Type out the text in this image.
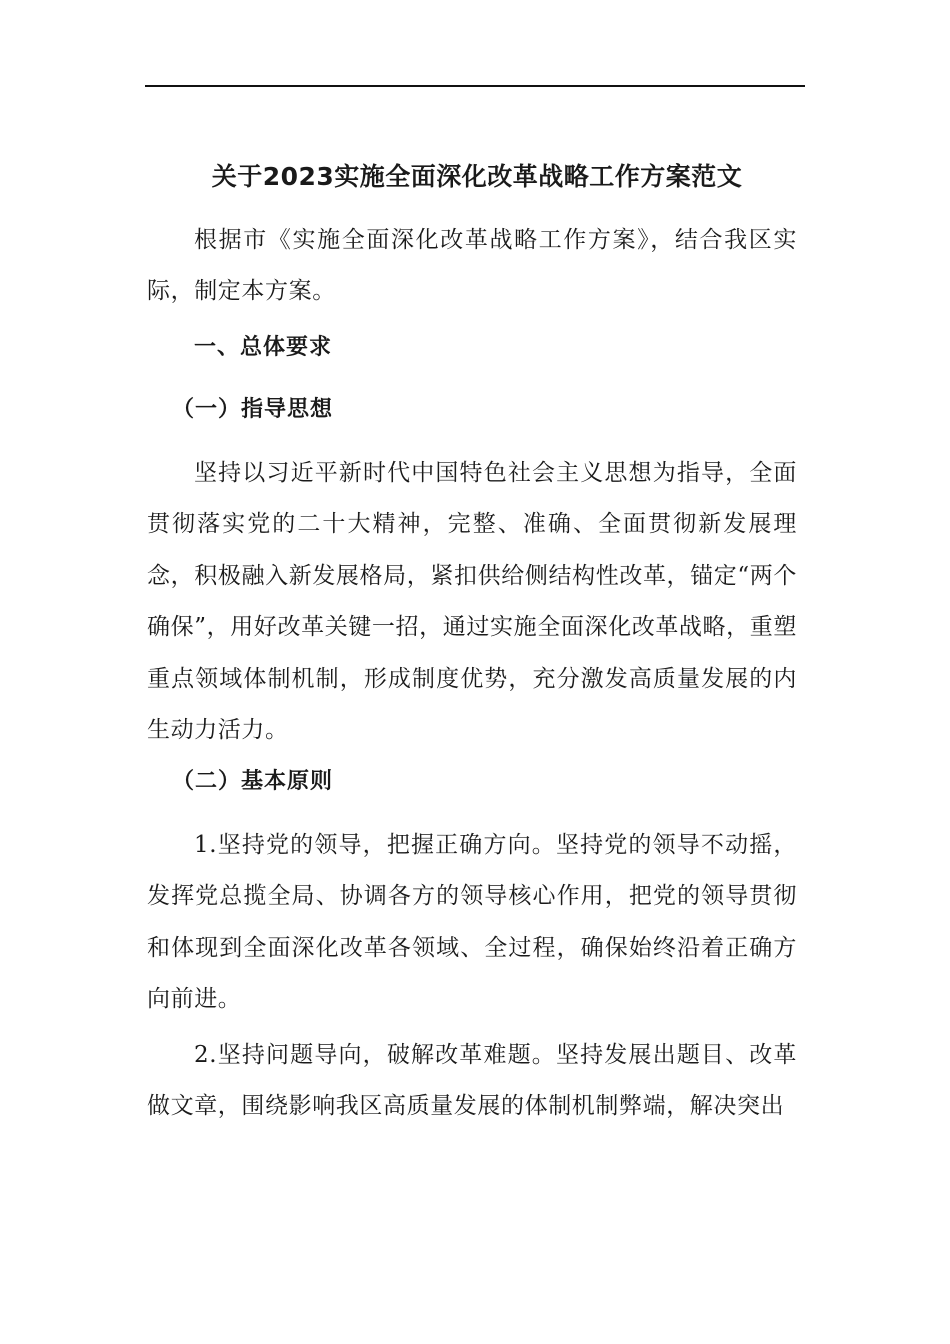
关于2023实施全面深化改革战略工作方案范文

根据市《实施全面深化改革战略工作方案》，结合我区实际，制定本方案。

一、总体要求
（一）指导思想

坚持以习近平新时代中国特色社会主义思想为指导，全面贯彻落实党的二十大精神，完整、准确、全面贯彻新发展理念，积极融入新发展格局，紧扣供给侧结构性改革，锚定“两个确保”，用好改革关键一招，通过实施全面深化改革战略，重塑重点领域体制机制，形成制度优势，充分激发高质量发展的内生动力活力。

（二）基本原则

1.坚持党的领导，把握正确方向。坚持党的领导不动摇，发挥党总揽全局、协调各方的领导核心作用，把党的领导贯彻和体现到全面深化改革各领域、全过程，确保始终沿着正确方向前进。

2.坚持问题导向，破解改革难题。坚持发展出题目、改革做文章，围绕影响我区高质量发展的体制机制弊端，解决突出
